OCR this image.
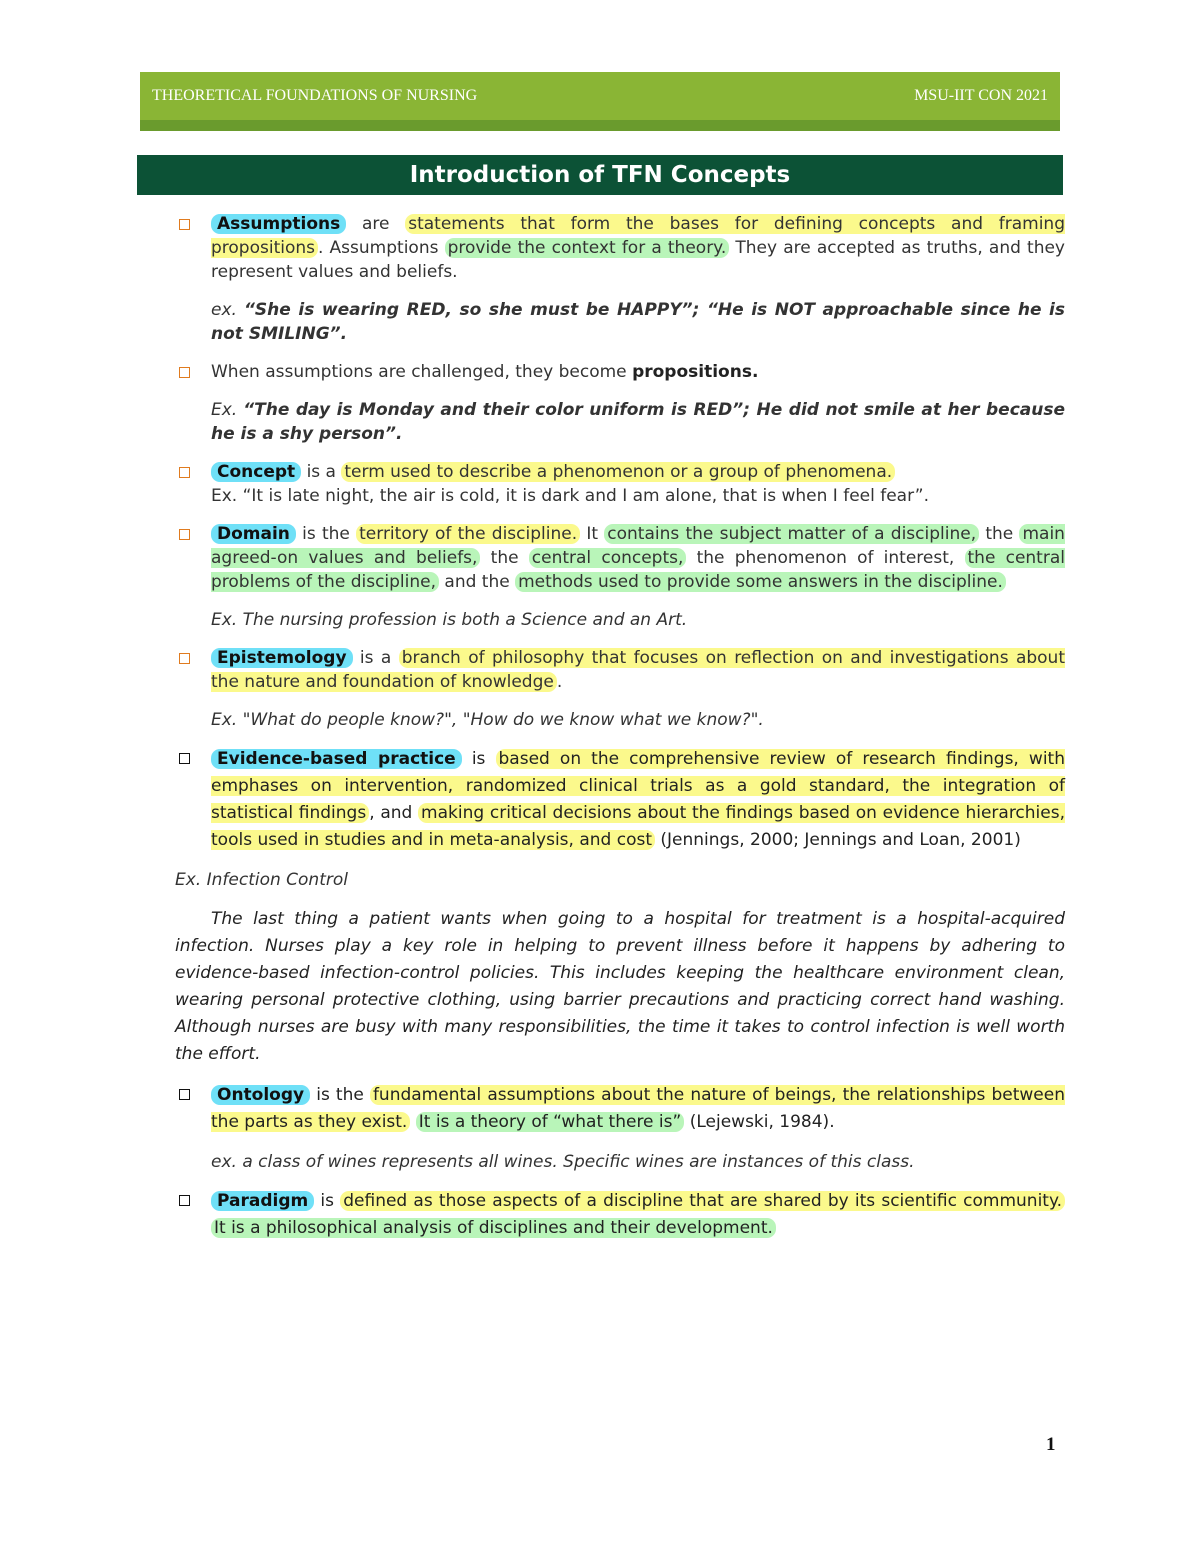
THEORETICAL FOUNDATIONS OF NURSING	MSU-IIT CON 2021
Introduction of TFN Concepts
Assumptions are statements that form the bases for defining concepts and framing propositions . Assumptions provide the context for a theory. They are accepted as truths, and they represent values and beliefs.
ex. “She is wearing RED, so she must be HAPPY”; “He is NOT approachable since he is not SMILING”.
When assumptions are challenged, they become propositions.
Ex. “The day is Monday and their color uniform is RED”; He did not smile at her because he is a shy person”.
Concept is a term used to describe a phenomenon or a group of phenomena.
Ex. “It is late night, the air is cold, it is dark and I am alone, that is when I feel fear”.
Domain is the territory of the discipline. It contains the subject matter of a discipline, the main agreed-on values and beliefs, the central concepts, the phenomenon of interest, the central problems of the discipline, and the methods used to provide some answers in the discipline.
Ex. The nursing profession is both a Science and an Art.
Epistemology is a branch of philosophy that focuses on reflection on and investigations about the nature and foundation of knowledge .
Ex. "What do people know?", "How do we know what we know?".
Evidence-based practice is based on the comprehensive review of research findings, with emphases on intervention, randomized clinical trials as a gold standard, the integration of statistical findings , and making critical decisions about the findings based on evidence hierarchies, tools used in studies and in meta-analysis, and cost (Jennings, 2000; Jennings and Loan, 2001)
Ex. Infection Control
The last thing a patient wants when going to a hospital for treatment is a hospital-acquired infection. Nurses play a key role in helping to prevent illness before it happens by adhering to evidence-based infection-control policies. This includes keeping the healthcare environment clean, wearing personal protective clothing, using barrier precautions and practicing correct hand washing. Although nurses are busy with many responsibilities, the time it takes to control infection is well worth the effort.
Ontology is the fundamental assumptions about the nature of beings, the relationships between the parts as they exist. It is a theory of “what there is” (Lejewski, 1984).
ex. a class of wines represents all wines. Specific wines are instances of this class.
Paradigm is defined as those aspects of a discipline that are shared by its scientific community. It is a philosophical analysis of disciplines and their development.
1
